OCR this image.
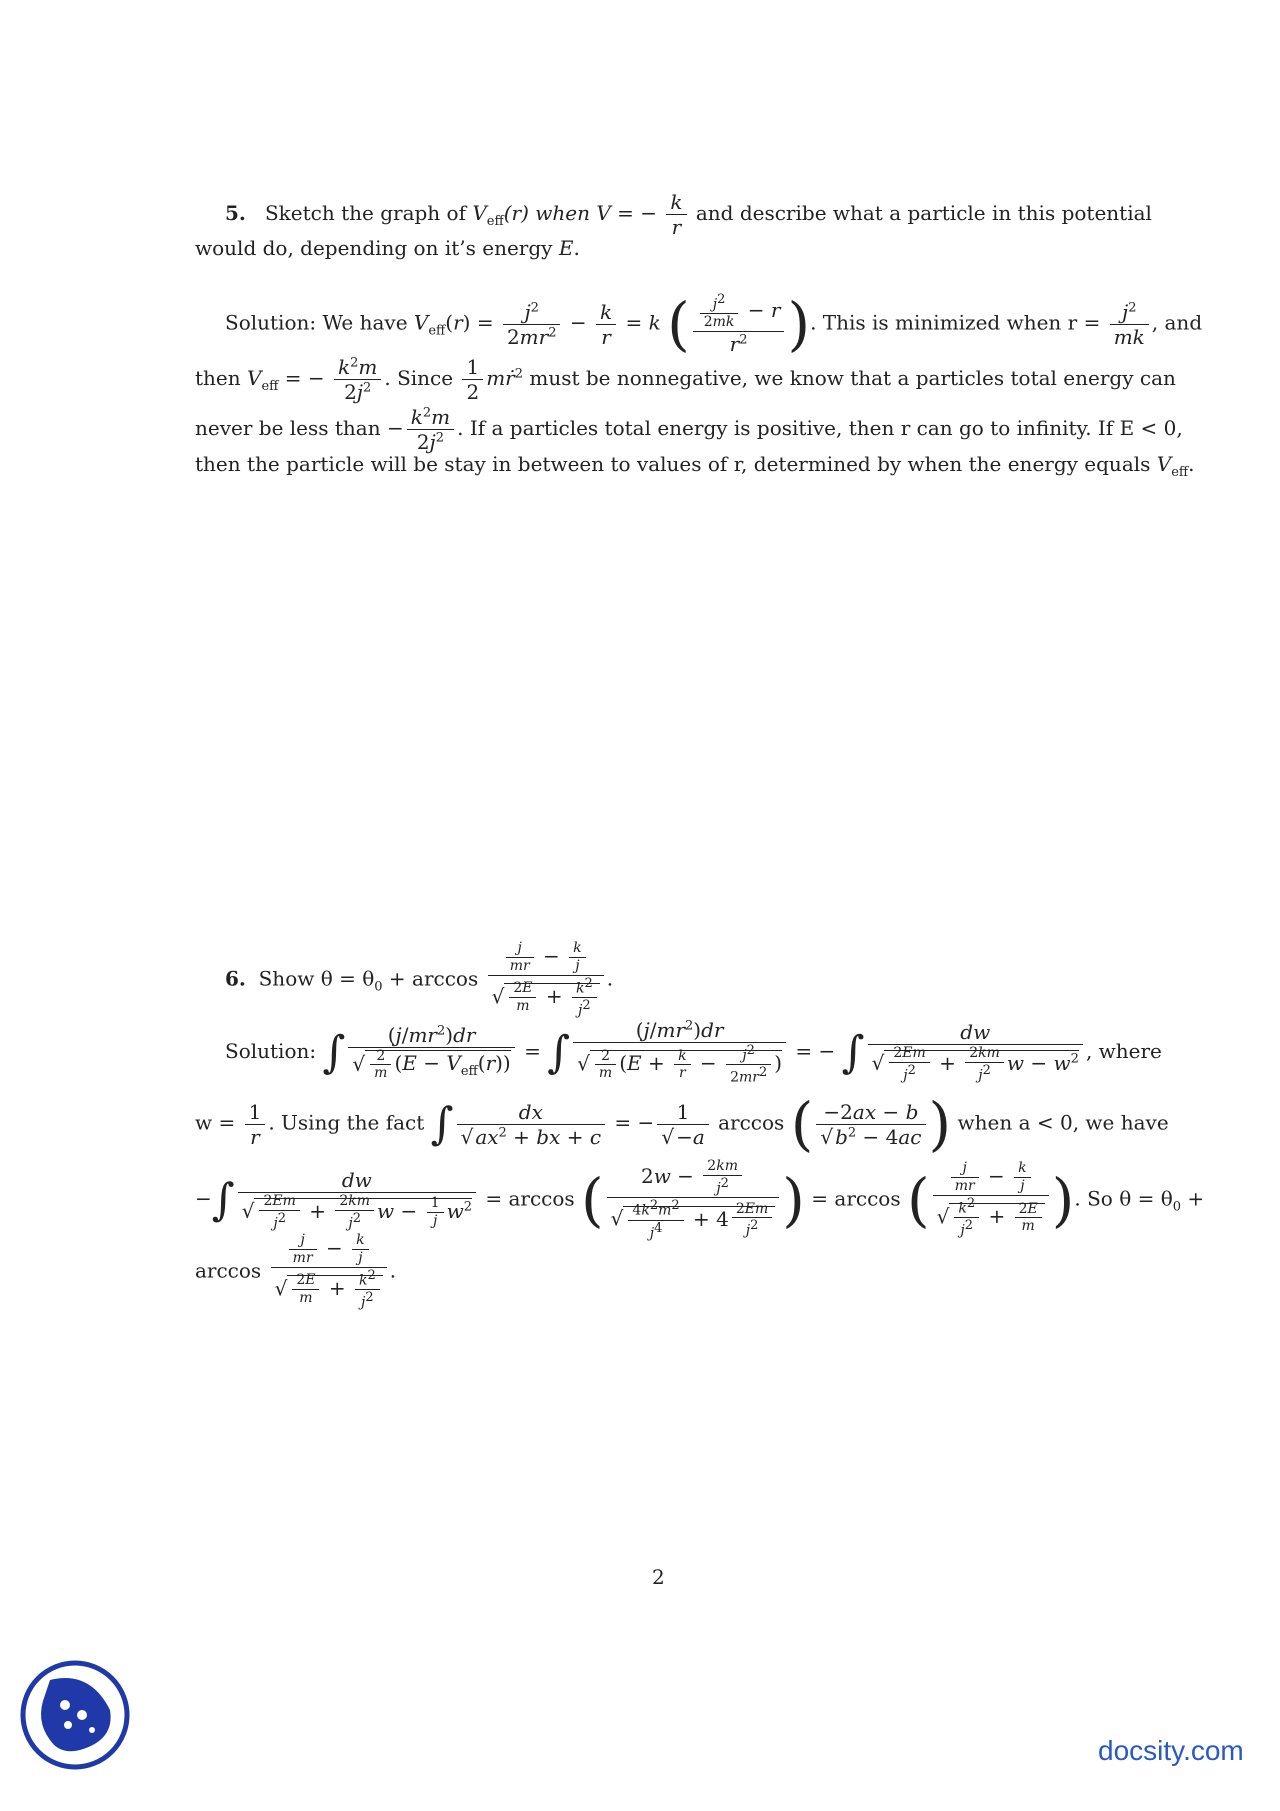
5. Sketch the graph of $V_{eff}(r)$ when V = − $\frac{k}{r}$ and describe what a particle in this potential
would do, depending on it’s energy E.
Solution: We have $V_{eff}(r) = \frac{j^2}{2mr^2} - \frac{k}{r} = k$ ( $\frac{\frac{j^2}{2mk} - r}{r^2}$ ). This is minimized when $r = \frac{j^2}{mk}$ , and
then $V_{eff}$ = − $\frac{k^2m}{2j^2}$ . Since $\frac{1}{2}$ mṙ$^2$ must be nonnegative, we know that a particles total energy can
never be less than − $\frac{k^2m}{2j^2}$ . If a particles total energy is positive, then r can go to infinity. If E < 0,
then the particle will be stay in between to values of r, determined by when the energy equals $V_{eff}$.
6. Show $\theta = \theta_0 + \arccos \frac{\frac{j}{mr} - \frac{k}{j}}{√ \frac{2E}{m} + \frac{k^2}{j^2}}$ .
Solution: ∫ $\frac{(j/mr^2)dr}{√ \frac{2}{m} (E - V_{eff}(r))}$ = ∫ $\frac{(j/mr^2)dr}{√ \frac{2}{m} (E + \frac{k}{r} - \frac{j^2}{2mr^2} )}$ = − ∫ $\frac{dw}{√ \frac{2Em}{j^2} + \frac{2km}{j^2} w - w^2}$ , where
$w = \frac{1}{r}$ . Using the fact ∫ $\frac{dx}{√ ax^2 + bx + c}$ = − $\frac{1}{√ -a}$ arccos ( $\frac{-2ax - b}{√ b^2 - 4ac}$ ) when a < 0, we have
−∫ $\frac{dw}{√ \frac{2Em}{j^2} + \frac{2km}{j^2} w - \frac{1}{j} w^2} = \arccos$ ( $\frac{2w - \frac{2km}{j^2}}{√ \frac{4k^2m^2}{j^4} + 4 \frac{2Em}{j^2}}$ ) = arccos ( $\frac{\frac{j}{mr} - \frac{k}{j}}{√ \frac{k^2}{j^2} + \frac{2E}{m}}$ ). So $\theta = \theta_0$ +
$\arccos \frac{\frac{j}{mr} - \frac{k}{j}}{√ \frac{2E}{m} + \frac{k^2}{j^2}}$ .
2
docsity.com
